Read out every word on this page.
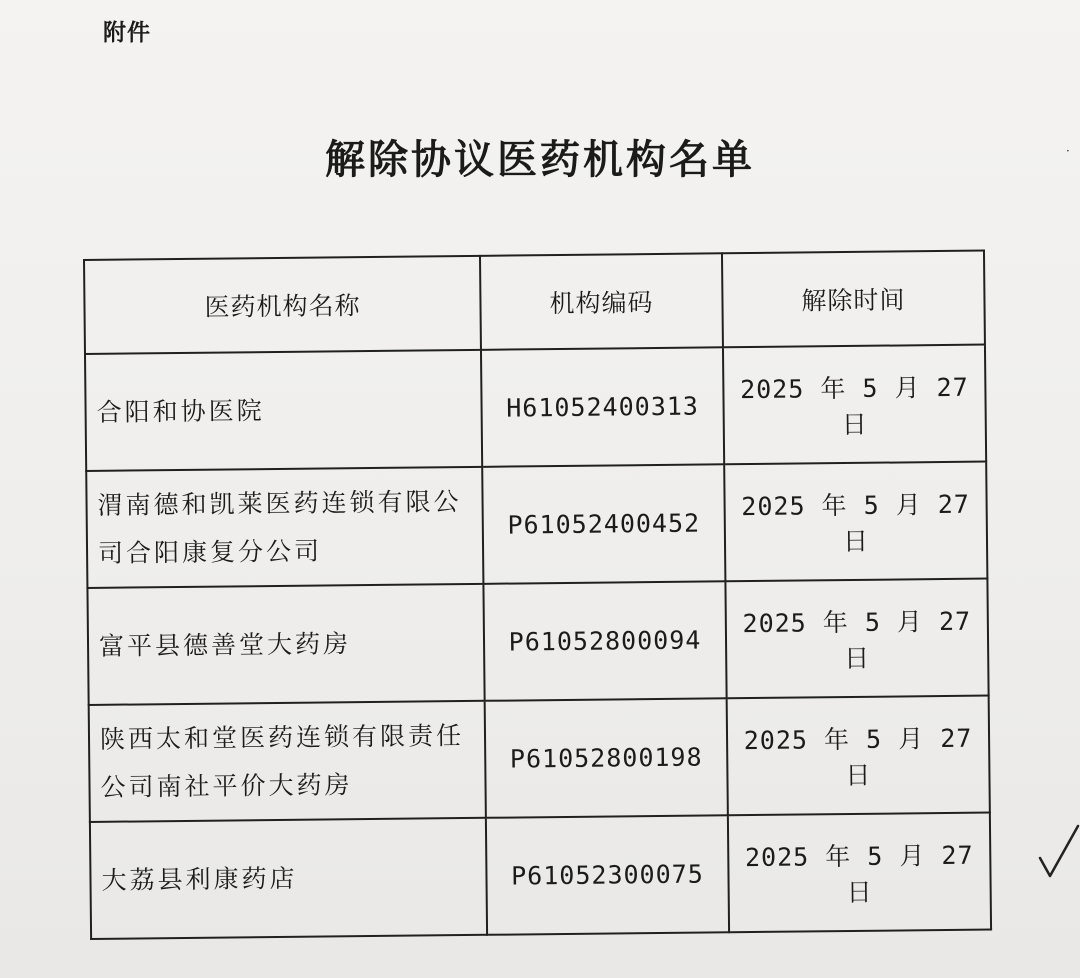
附件
解除协议医药机构名单	·
医药机构名称	机构编码	解除时间
合阳和协医院	H61052400313	2025 年 5 月 27 日
渭南德和凯莱医药连锁有限公司合阳康复分公司	P61052400452	2025 年 5 月 27 日
富平县德善堂大药房	P61052800094	2025 年 5 月 27 日
陕西太和堂医药连锁有限责任公司南社平价大药房	P61052800198	2025 年 5 月 27 日
大荔县利康药店	P61052300075	2025 年 5 月 27 日
